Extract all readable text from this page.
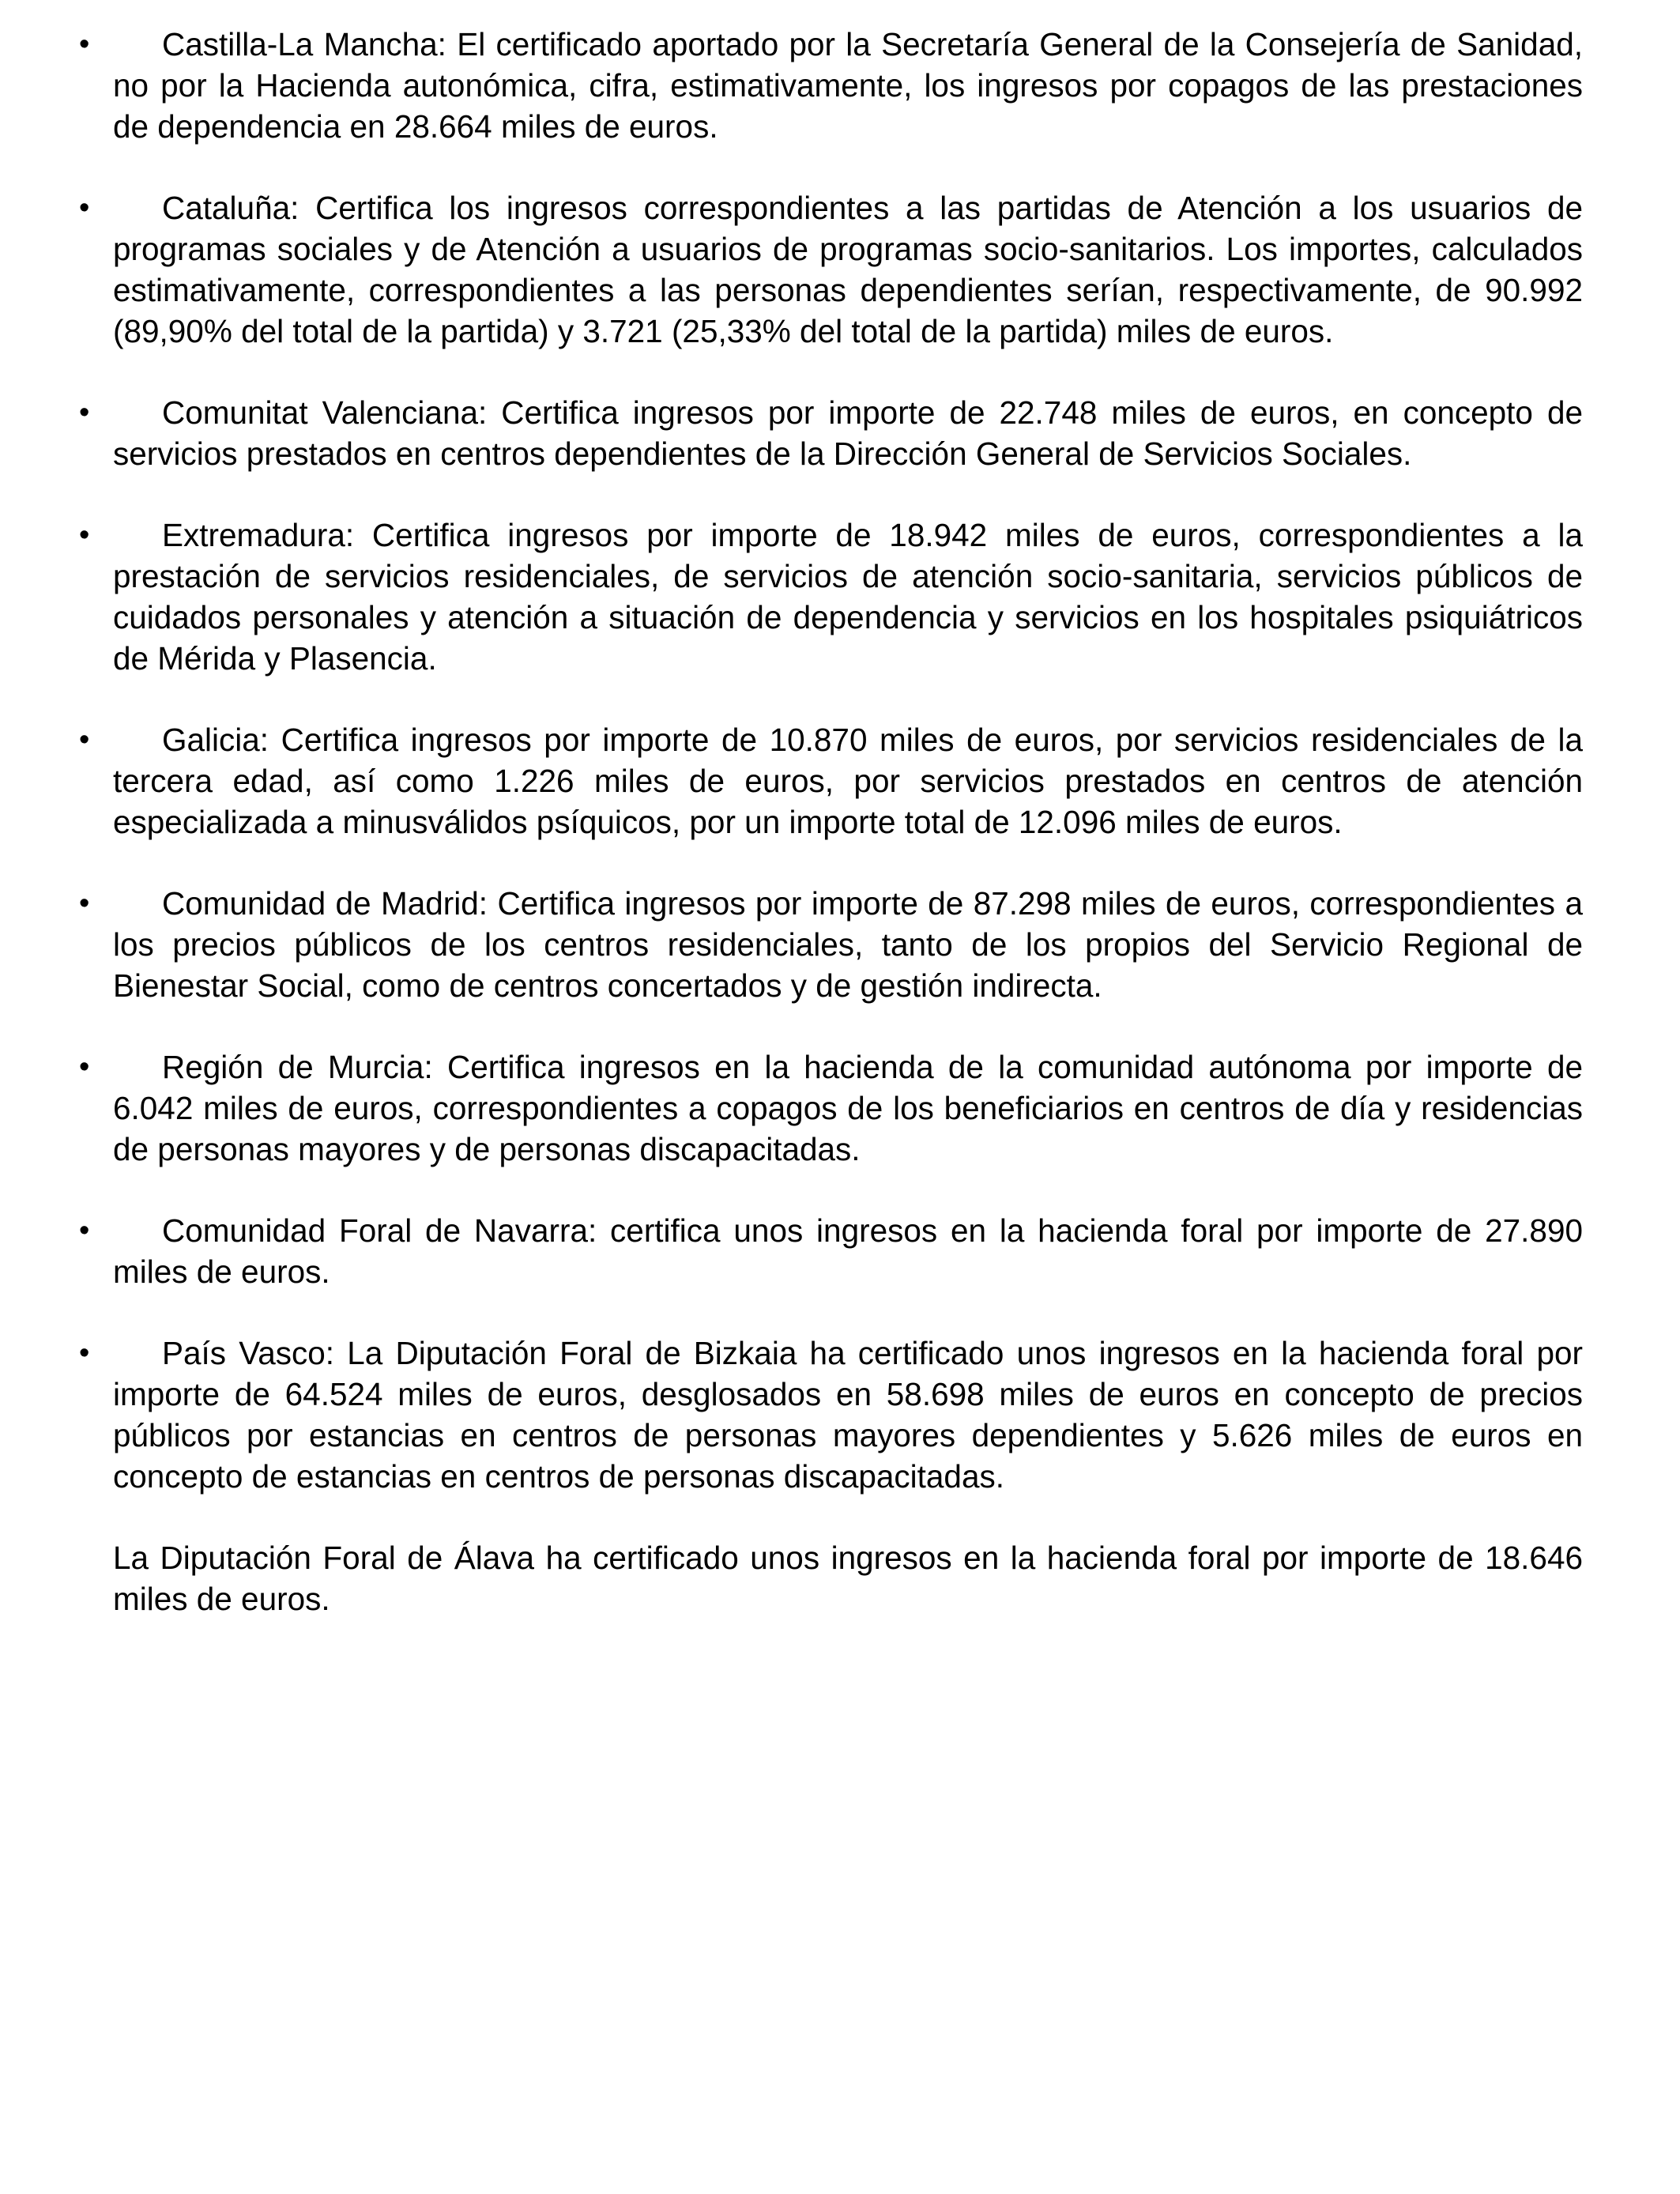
•	Castilla-La Mancha: El certificado aportado por la Secretaría General de la Consejería de Sanidad, no por la Hacienda autonómica, cifra, estimativamente, los ingresos por copagos de las prestaciones de dependencia en 28.664 miles de euros.
•	Cataluña: Certifica los ingresos correspondientes a las partidas de Atención a los usuarios de programas sociales y de Atención a usuarios de programas socio-sanitarios. Los importes, calculados estimativamente, correspondientes a las personas dependientes serían, respectivamente, de 90.992 (89,90% del total de la partida) y 3.721 (25,33% del total de la partida) miles de euros.
•	Comunitat Valenciana: Certifica ingresos por importe de 22.748 miles de euros, en concepto de servicios prestados en centros dependientes de la Dirección General de Servicios Sociales.
•	Extremadura: Certifica ingresos por importe de 18.942 miles de euros, correspondientes a la prestación de servicios residenciales, de servicios de atención socio-sanitaria, servicios públicos de cuidados personales y atención a situación de dependencia y servicios en los hospitales psiquiátricos de Mérida y Plasencia.
•	Galicia: Certifica ingresos por importe de 10.870 miles de euros, por servicios residenciales de la tercera edad, así como 1.226 miles de euros, por servicios prestados en centros de atención especializada a minusválidos psíquicos, por un importe total de 12.096 miles de euros.
•	Comunidad de Madrid: Certifica ingresos por importe de 87.298 miles de euros, correspondientes a los precios públicos de los centros residenciales, tanto de los propios del Servicio Regional de Bienestar Social, como de centros concertados y de gestión indirecta.
•	Región de Murcia: Certifica ingresos en la hacienda de la comunidad autónoma por importe de 6.042 miles de euros, correspondientes a copagos de los beneficiarios en centros de día y residencias de personas mayores y de personas discapacitadas.
•	Comunidad Foral de Navarra: certifica unos ingresos en la hacienda foral por importe de 27.890 miles de euros.
•	País Vasco: La Diputación Foral de Bizkaia ha certificado unos ingresos en la hacienda foral por importe de 64.524 miles de euros, desglosados en 58.698 miles de euros en concepto de precios públicos por estancias en centros de personas mayores dependientes y 5.626 miles de euros en concepto de estancias en centros de personas discapacitadas.
La Diputación Foral de Álava ha certificado unos ingresos en la hacienda foral por importe de 18.646 miles de euros.
